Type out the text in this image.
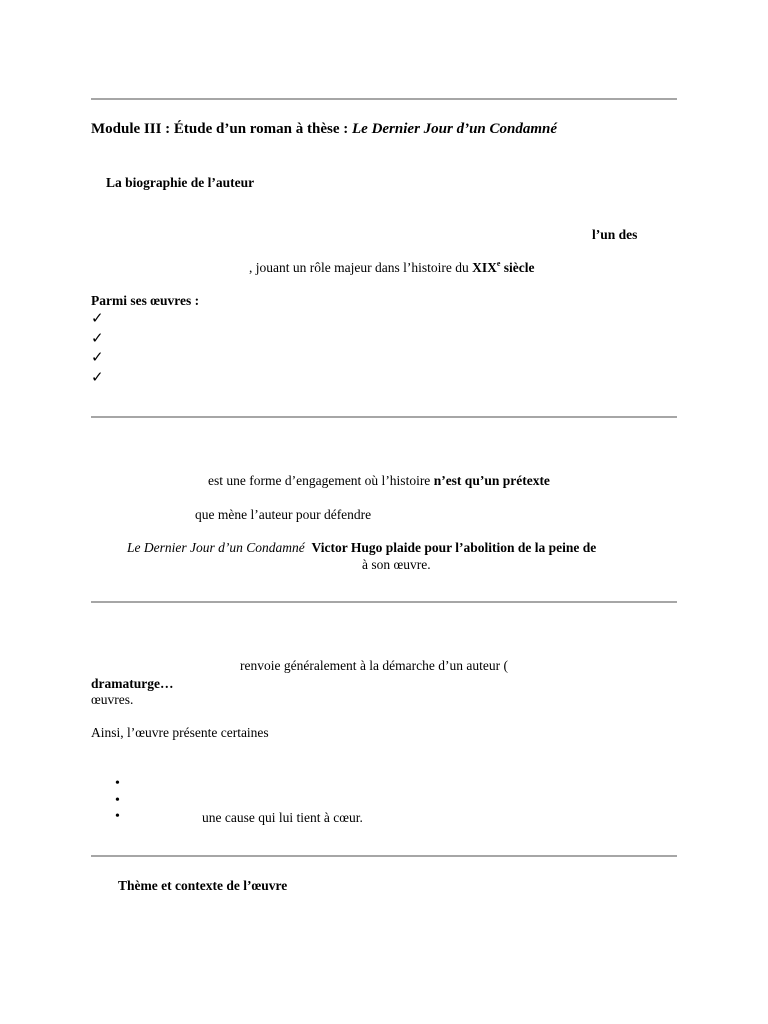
Module III : Étude d’un roman à thèse : Le Dernier Jour d’un Condamné
La biographie de l’auteur
l’un des
, jouant un rôle majeur dans l’histoire du XIXe siècle
Parmi ses œuvres :
✓
✓
✓
✓
est une forme d’engagement où l’histoire n’est qu’un prétexte
que mène l’auteur pour défendre
Le Dernier Jour d’un Condamné Victor Hugo plaide pour l’abolition de la peine de
à son œuvre.
renvoie généralement à la démarche d’un auteur (
dramaturge…
œuvres.
Ainsi, l’œuvre présente certaines
•
•
•	une cause qui lui tient à cœur.
Thème et contexte de l’œuvre
